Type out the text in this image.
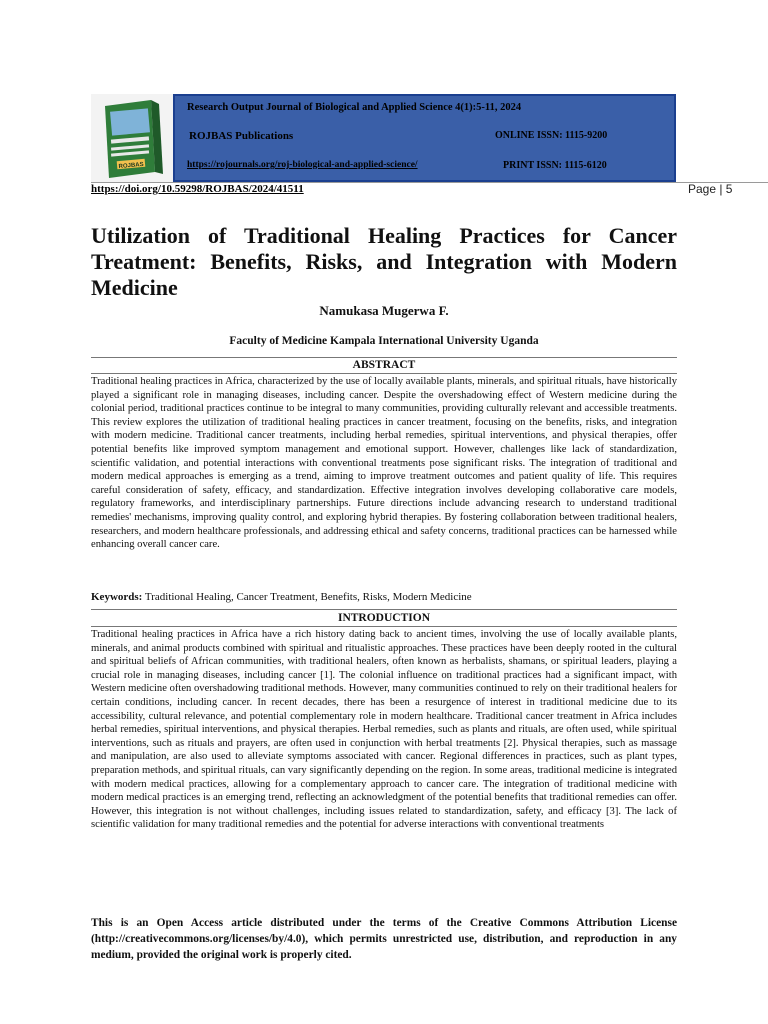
ROJBAS
Research Output Journal of Biological and Applied Science 4(1):5-11, 2024
ROJBAS Publications	ONLINE ISSN: 1115-9200
https://rojournals.org/roj-biological-and-applied-science/	PRINT ISSN: 1115-6120
https://doi.org/10.59298/ROJBAS/2024/41511	Page | 5
Utilization of Traditional Healing Practices for Cancer Treatment: Benefits, Risks, and Integration with Modern Medicine
Namukasa Mugerwa F.
Faculty of Medicine Kampala International University Uganda
ABSTRACT
Traditional healing practices in Africa, characterized by the use of locally available plants, minerals, and spiritual rituals, have historically played a significant role in managing diseases, including cancer. Despite the overshadowing effect of Western medicine during the colonial period, traditional practices continue to be integral to many communities, providing culturally relevant and accessible treatments. This review explores the utilization of traditional healing practices in cancer treatment, focusing on the benefits, risks, and integration with modern medicine. Traditional cancer treatments, including herbal remedies, spiritual interventions, and physical therapies, offer potential benefits like improved symptom management and emotional support. However, challenges like lack of standardization, scientific validation, and potential interactions with conventional treatments pose significant risks. The integration of traditional and modern medical approaches is emerging as a trend, aiming to improve treatment outcomes and patient quality of life. This requires careful consideration of safety, efficacy, and standardization. Effective integration involves developing collaborative care models, regulatory frameworks, and interdisciplinary partnerships. Future directions include advancing research to understand traditional remedies' mechanisms, improving quality control, and exploring hybrid therapies. By fostering collaboration between traditional healers, researchers, and modern healthcare professionals, and addressing ethical and safety concerns, traditional practices can be harnessed while enhancing overall cancer care.
Keywords: Traditional Healing, Cancer Treatment, Benefits, Risks, Modern Medicine
INTRODUCTION
Traditional healing practices in Africa have a rich history dating back to ancient times, involving the use of locally available plants, minerals, and animal products combined with spiritual and ritualistic approaches. These practices have been deeply rooted in the cultural and spiritual beliefs of African communities, with traditional healers, often known as herbalists, shamans, or spiritual leaders, playing a crucial role in managing diseases, including cancer [1]. The colonial influence on traditional practices had a significant impact, with Western medicine often overshadowing traditional methods. However, many communities continued to rely on their traditional healers for certain conditions, including cancer. In recent decades, there has been a resurgence of interest in traditional medicine due to its accessibility, cultural relevance, and potential complementary role in modern healthcare. Traditional cancer treatment in Africa includes herbal remedies, spiritual interventions, and physical therapies. Herbal remedies, such as plants and rituals, are often used, while spiritual interventions, such as rituals and prayers, are often used in conjunction with herbal treatments [2]. Physical therapies, such as massage and manipulation, are also used to alleviate symptoms associated with cancer. Regional differences in practices, such as plant types, preparation methods, and spiritual rituals, can vary significantly depending on the region. In some areas, traditional medicine is integrated with modern medical practices, allowing for a complementary approach to cancer care. The integration of traditional medicine with modern medical practices is an emerging trend, reflecting an acknowledgment of the potential benefits that traditional remedies can offer. However, this integration is not without challenges, including issues related to standardization, safety, and efficacy [3]. The lack of scientific validation for many traditional remedies and the potential for adverse interactions with conventional treatments
This is an Open Access article distributed under the terms of the Creative Commons Attribution License (http://creativecommons.org/licenses/by/4.0), which permits unrestricted use, distribution, and reproduction in any medium, provided the original work is properly cited.
